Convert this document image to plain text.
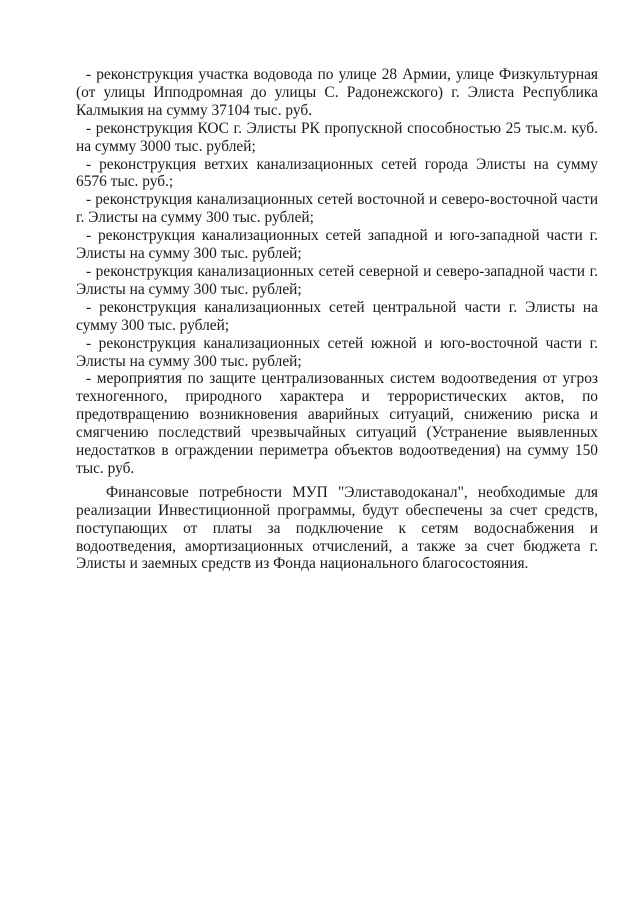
- реконструкция участка водовода по улице 28 Армии, улице Физкультурная (от улицы Ипподромная до улицы С. Радонежского) г. Элиста Республика Калмыкия на сумму 37104 тыс. руб.

- реконструкция КОС г. Элисты РК пропускной способностью 25 тыс.м. куб. на сумму 3000 тыс. рублей;

- реконструкция ветхих канализационных сетей города Элисты на сумму 6576 тыс. руб.;

- реконструкция канализационных сетей восточной и северо-восточной части г. Элисты на сумму 300 тыс. рублей;

- реконструкция канализационных сетей западной и юго-западной части г. Элисты на сумму 300 тыс. рублей;

- реконструкция канализационных сетей северной и северо-западной части г. Элисты на сумму 300 тыс. рублей;

- реконструкция канализационных сетей центральной части г. Элисты на сумму 300 тыс. рублей;

- реконструкция канализационных сетей южной и юго-восточной части г. Элисты на сумму 300 тыс. рублей;

- мероприятия по защите централизованных систем водоотведения от угроз техногенного, природного характера и террористических актов, по предотвращению возникновения аварийных ситуаций, снижению риска и смягчению последствий чрезвычайных ситуаций (Устранение выявленных недостатков в ограждении периметра объектов водоотведения) на сумму 150 тыс. руб.

Финансовые потребности МУП "Элиставодоканал", необходимые для реализации Инвестиционной программы, будут обеспечены за счет средств, поступающих от платы за подключение к сетям водоснабжения и водоотведения, амортизационных отчислений, а также за счет бюджета г. Элисты и заемных средств из Фонда национального благосостояния.
